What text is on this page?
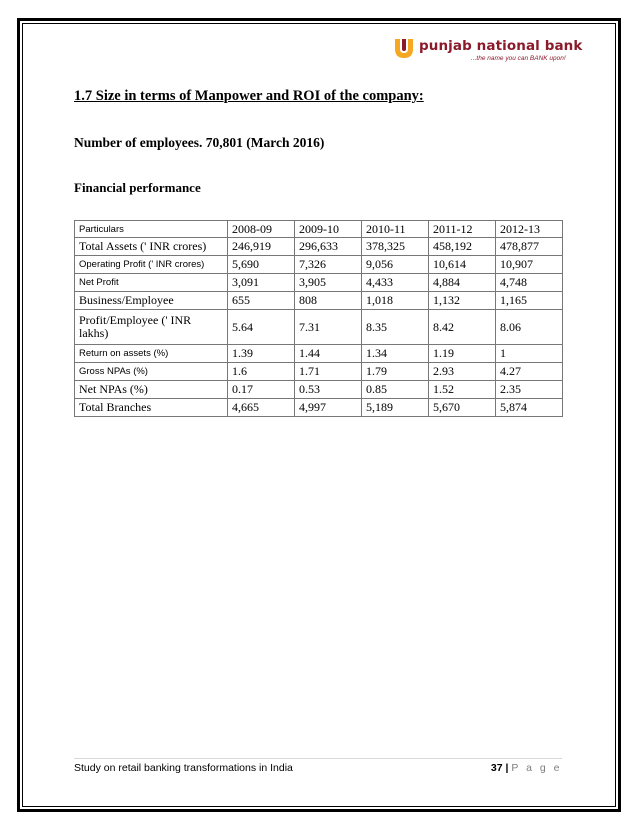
punjab national bank
...the name you can BANK upon!
1.7 Size in terms of Manpower and ROI of the company:
Number of employees. 70,801 (March 2016)
Financial performance
Particulars	2008-09	2009-10	2010-11	2011-12	2012-13
Total Assets (' INR crores)	246,919	296,633	378,325	458,192	478,877
Operating Profit (' INR crores)	5,690	7,326	9,056	10,614	10,907
Net Profit	3,091	3,905	4,433	4,884	4,748
Business/Employee	655	808	1,018	1,132	1,165
Profit/Employee (' INR lakhs)	5.64	7.31	8.35	8.42	8.06
Return on assets (%)	1.39	1.44	1.34	1.19	1
Gross NPAs (%)	1.6	1.71	1.79	2.93	4.27
Net NPAs (%)	0.17	0.53	0.85	1.52	2.35
Total Branches	4,665	4,997	5,189	5,670	5,874
Study on retail banking transformations in India	37 | P a g e
